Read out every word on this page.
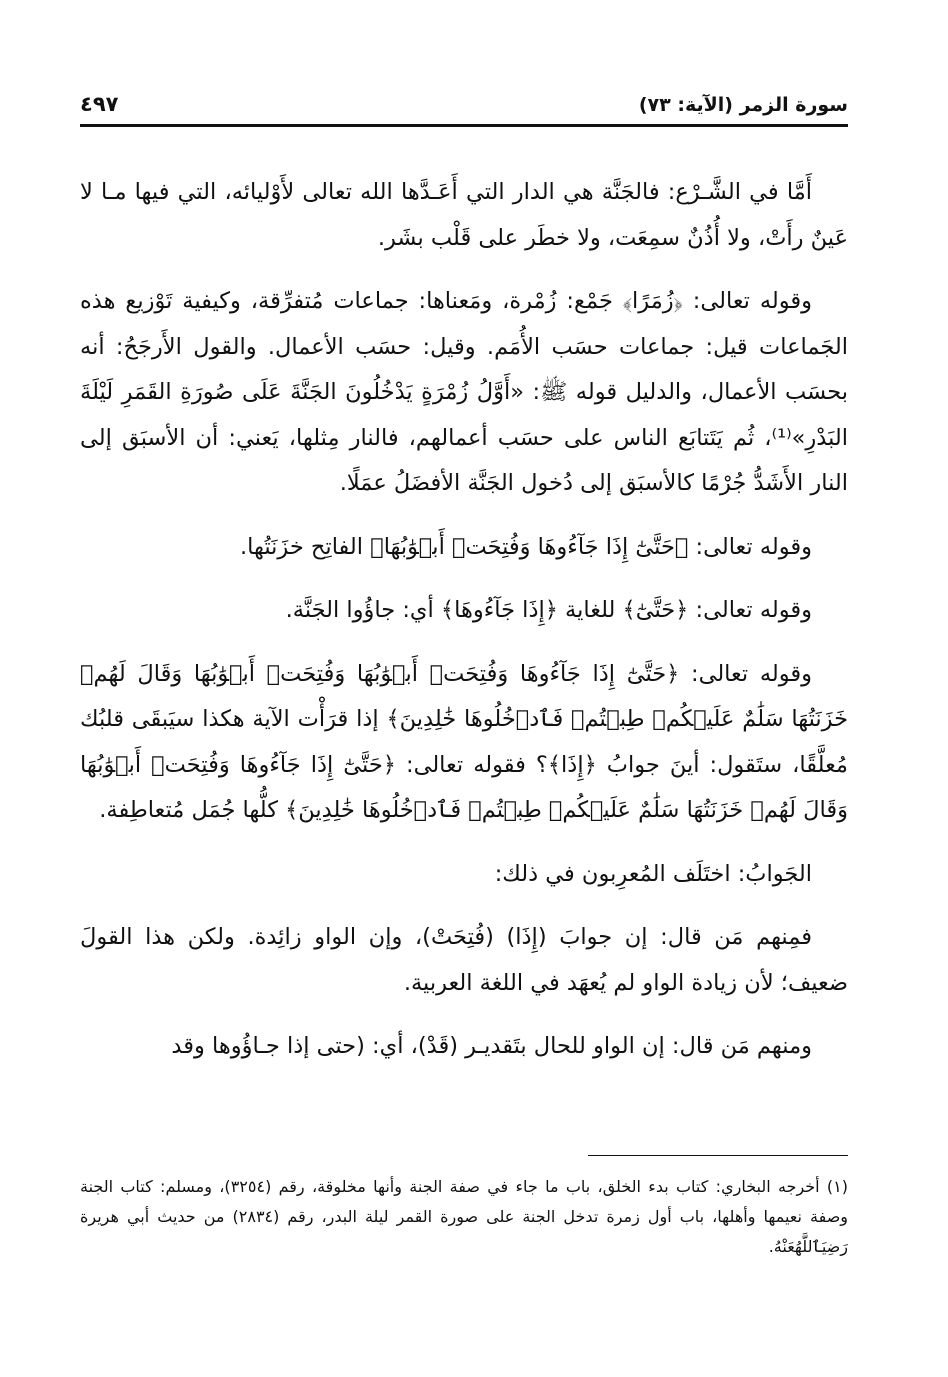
سورة الزمر (الآية: ٧٣)
٤٩٧

أَمَّا في الشَّـرْع: فالجَنَّة هي الدار التي أَعَـدَّها الله تعالى لأَوْليائه، التي فيها مـا لا عَينٌ رأَتْ، ولا أُذُنٌ سمِعَت، ولا خطَر على قَلْب بشَر.

وقوله تعالى: ﴿زُمَرًا﴾ جَمْع: زُمْرة، ومَعناها: جماعات مُتفرِّقة، وكيفية تَوْزيع هذه الجَماعات قيل: جماعات حسَب الأُمَم. وقيل: حسَب الأعمال. والقول الأَرجَحُ: أنه بحسَب الأعمال، والدليل قوله ﷺ: «أَوَّلُ زُمْرَةٍ يَدْخُلُونَ الجَنَّةَ عَلَى صُورَةِ القَمَرِ لَيْلَةَ البَدْرِ»⁽¹⁾، ثُم يَتَتابَع الناس على حسَب أعمالهم، فالنار مِثلها، يَعني: أن الأسبَق إلى النار الأَشَدُّ جُرْمًا كالأسبَق إلى دُخول الجَنَّة الأفضَلُ عمَلًا.

وقوله تعالى: ﴿حَتَّىٰٓ إِذَا جَآءُوهَا وَفُتِحَتۡ أَبۡوَٰبُهَا﴾ الفاتِح خزَنَتُها.

وقوله تعالى: ﴿حَتَّىٰٓ﴾ للغاية ﴿إِذَا جَآءُوهَا﴾ أي: جاؤُوا الجَنَّة.

وقوله تعالى: ﴿حَتَّىٰٓ إِذَا جَآءُوهَا وَفُتِحَتۡ أَبۡوَٰبُهَا وَفُتِحَتۡ أَبۡوَٰبُهَا وَقَالَ لَهُمۡ خَزَنَتُهَا سَلَٰمٌ عَلَيۡكُمۡ طِبۡتُمۡ فَٱدۡخُلُوهَا خَٰلِدِينَ﴾ إذا قرَأْت الآية هكذا سيَبقَى قلبُك مُعلَّقًا، ستَقول: أينَ جوابُ ﴿إِذَا﴾؟ فقوله تعالى: ﴿حَتَّىٰٓ إِذَا جَآءُوهَا وَفُتِحَتۡ أَبۡوَٰبُهَا وَقَالَ لَهُمۡ خَزَنَتُهَا سَلَٰمٌ عَلَيۡكُمۡ طِبۡتُمۡ فَٱدۡخُلُوهَا خَٰلِدِينَ﴾ كلُّها جُمَل مُتعاطِفة.

الجَوابُ: اختَلَف المُعرِبون في ذلك:

فمِنهم مَن قال: إن جوابَ (إِذَا) (فُتِحَتْ)، وإن الواو زائِدة. ولكن هذا القولَ ضعيف؛ لأن زيادة الواو لم يُعهَد في اللغة العربية.

ومنهم مَن قال: إن الواو للحال بتَقديـر (قَدْ)، أي: (حتى إذا جـاؤُوها وقد

(١) أخرجه البخاري: كتاب بدء الخلق، باب ما جاء في صفة الجنة وأنها مخلوقة، رقم (٣٢٥٤)، ومسلم: كتاب الجنة وصفة نعيمها وأهلها، باب أول زمرة تدخل الجنة على صورة القمر ليلة البدر، رقم (٢٨٣٤) من حديث أبي هريرة رَضِيَٱللَّهُعَنْهُ.
